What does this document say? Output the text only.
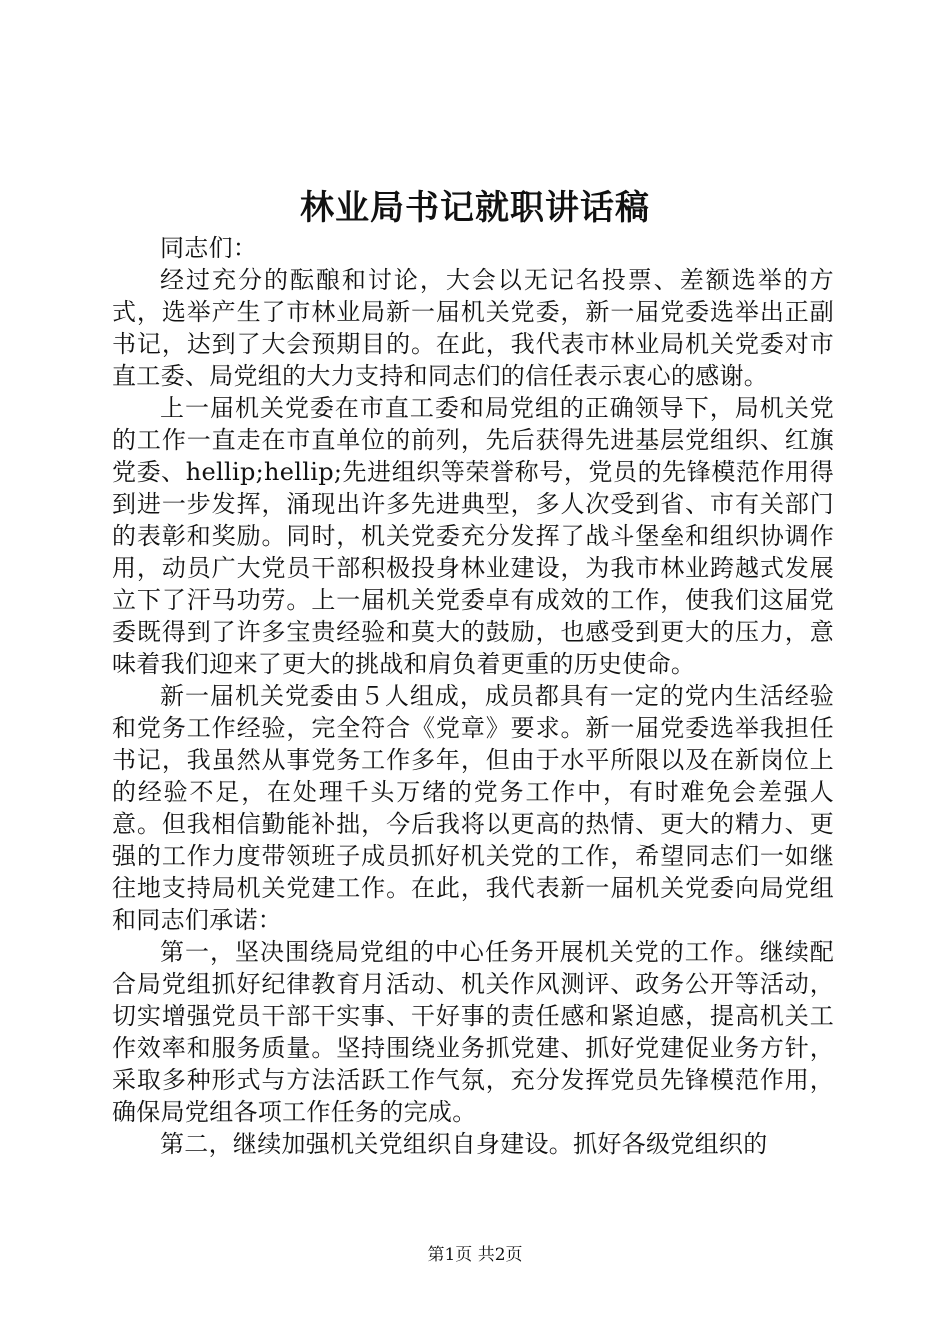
林业局书记就职讲话稿

同志们：

经过充分的酝酿和讨论，大会以无记名投票、差额选举的方式，选举产生了市林业局新一届机关党委，新一届党委选举出正副书记，达到了大会预期目的。在此，我代表市林业局机关党委对市直工委、局党组的大力支持和同志们的信任表示衷心的感谢。

上一届机关党委在市直工委和局党组的正确领导下，局机关党的工作一直走在市直单位的前列，先后获得先进基层党组织、红旗党委、hellip;hellip;先进组织等荣誉称号，党员的先锋模范作用得到进一步发挥，涌现出许多先进典型，多人次受到省、市有关部门的表彰和奖励。同时，机关党委充分发挥了战斗堡垒和组织协调作用，动员广大党员干部积极投身林业建设，为我市林业跨越式发展立下了汗马功劳。上一届机关党委卓有成效的工作，使我们这届党委既得到了许多宝贵经验和莫大的鼓励，也感受到更大的压力，意味着我们迎来了更大的挑战和肩负着更重的历史使命。

新一届机关党委由５人组成，成员都具有一定的党内生活经验和党务工作经验，完全符合《党章》要求。新一届党委选举我担任书记，我虽然从事党务工作多年，但由于水平所限以及在新岗位上的经验不足，在处理千头万绪的党务工作中，有时难免会差强人意。但我相信勤能补拙，今后我将以更高的热情、更大的精力、更强的工作力度带领班子成员抓好机关党的工作，希望同志们一如继往地支持局机关党建工作。在此，我代表新一届机关党委向局党组和同志们承诺：

第一，坚决围绕局党组的中心任务开展机关党的工作。继续配合局党组抓好纪律教育月活动、机关作风测评、政务公开等活动，切实增强党员干部干实事、干好事的责任感和紧迫感，提高机关工作效率和服务质量。坚持围绕业务抓党建、抓好党建促业务方针，采取多种形式与方法活跃工作气氛，充分发挥党员先锋模范作用，确保局党组各项工作任务的完成。

第二，继续加强机关党组织自身建设。抓好各级党组织的

第1页 共2页
